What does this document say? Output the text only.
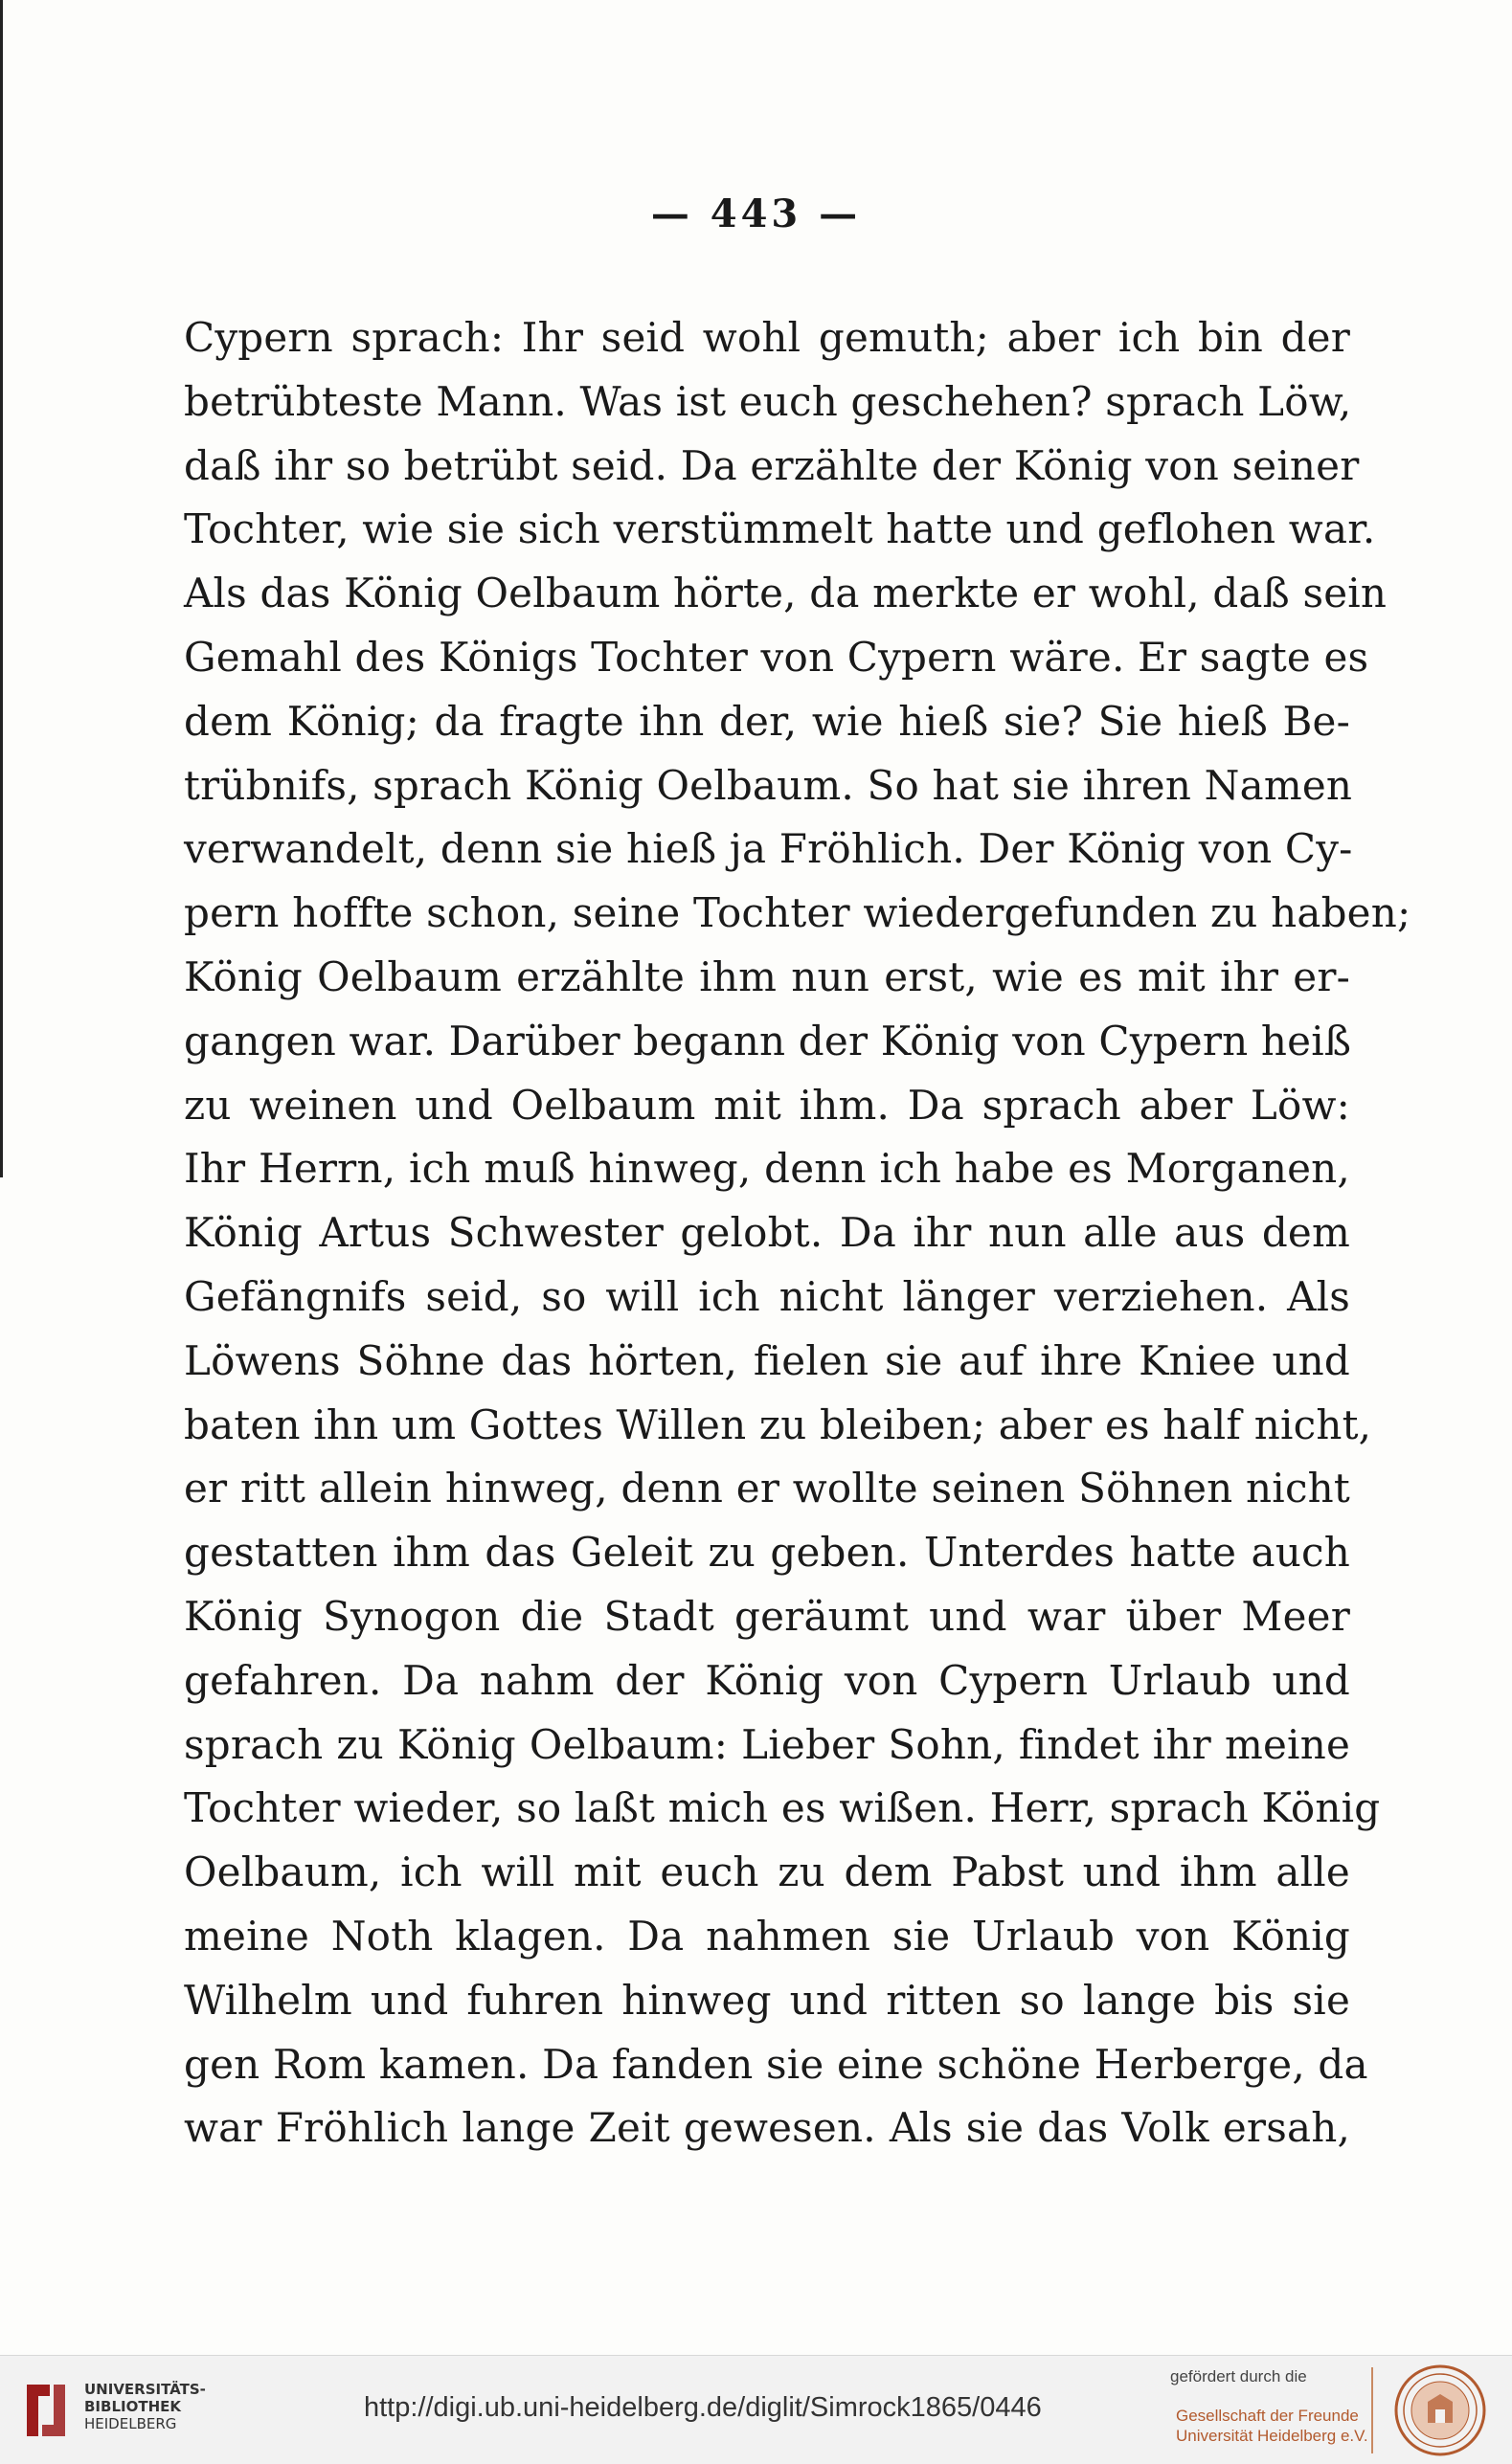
— 443 —
Cypern sprach: Ihr seid wohl gemuth; aber ich bin der
betrübteste Mann. Was ist euch geschehen? sprach Löw,
daß ihr so betrübt seid. Da erzählte der König von seiner
Tochter, wie sie sich verstümmelt hatte und geflohen war.
Als das König Oelbaum hörte, da merkte er wohl, daß sein
Gemahl des Königs Tochter von Cypern wäre. Er sagte es
dem König; da fragte ihn der, wie hieß sie? Sie hieß Be-
trübnifs, sprach König Oelbaum. So hat sie ihren Namen
verwandelt, denn sie hieß ja Fröhlich. Der König von Cy-
pern hoffte schon, seine Tochter wiedergefunden zu haben;
König Oelbaum erzählte ihm nun erst, wie es mit ihr er-
gangen war. Darüber begann der König von Cypern heiß
zu weinen und Oelbaum mit ihm. Da sprach aber Löw:
Ihr Herrn, ich muß hinweg, denn ich habe es Morganen,
König Artus Schwester gelobt. Da ihr nun alle aus dem
Gefängnifs seid, so will ich nicht länger verziehen. Als
Löwens Söhne das hörten, fielen sie auf ihre Kniee und
baten ihn um Gottes Willen zu bleiben; aber es half nicht,
er ritt allein hinweg, denn er wollte seinen Söhnen nicht
gestatten ihm das Geleit zu geben. Unterdes hatte auch
König Synogon die Stadt geräumt und war über Meer
gefahren. Da nahm der König von Cypern Urlaub und
sprach zu König Oelbaum: Lieber Sohn, findet ihr meine
Tochter wieder, so laßt mich es wißen. Herr, sprach König
Oelbaum, ich will mit euch zu dem Pabst und ihm alle
meine Noth klagen. Da nahmen sie Urlaub von König
Wilhelm und fuhren hinweg und ritten so lange bis sie
gen Rom kamen. Da fanden sie eine schöne Herberge, da
war Fröhlich lange Zeit gewesen. Als sie das Volk ersah,
UNIVERSITÄTS-
BIBLIOTHEK
HEIDELBERG
http://digi.ub.uni-heidelberg.de/diglit/Simrock1865/0446
gefördert durch die
Gesellschaft der Freunde
Universität Heidelberg e.V.
